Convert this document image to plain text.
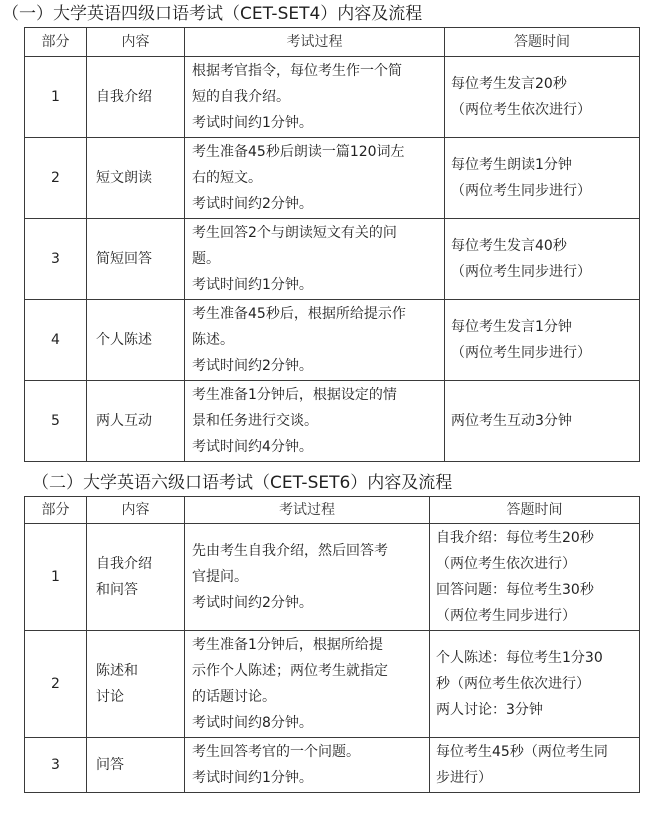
（一）大学英语四级口语考试（CET-SET4）内容及流程
部分	内容	考试过程	答题时间
1	自我介绍	根据考官指令，每位考生作一个简
短的自我介绍。
考试时间约1分钟。	每位考生发言20秒
（两位考生依次进行）

2	短文朗读	考生准备45秒后朗读一篇120词左
右的短文。
考试时间约2分钟。	每位考生朗读1分钟
（两位考生同步进行）

3	简短回答	考生回答2个与朗读短文有关的问
题。
考试时间约1分钟。	每位考生发言40秒
（两位考生同步进行）

4	个人陈述	考生准备45秒后，根据所给提示作
陈述。
考试时间约2分钟。	每位考生发言1分钟
（两位考生同步进行）

5	两人互动	考生准备1分钟后，根据设定的情
景和任务进行交谈。
考试时间约4分钟。	两位考生互动3分钟
（二）大学英语六级口语考试（CET-SET6）内容及流程
部分	内容	考试过程	答题时间
1	自我介绍
和问答	先由考生自我介绍，然后回答考
官提问。
考试时间约2分钟。	自我介绍：每位考生20秒
（两位考生依次进行）
回答问题：每位考生30秒
（两位考生同步进行）

2	陈述和
讨论	考生准备1分钟后，根据所给提
示作个人陈述；两位考生就指定
的话题讨论。
考试时间约8分钟。	个人陈述：每位考生1分30
秒（两位考生依次进行）
两人讨论：3分钟

3	问答	考生回答考官的一个问题。
考试时间约1分钟。	每位考生45秒（两位考生同
步进行）
